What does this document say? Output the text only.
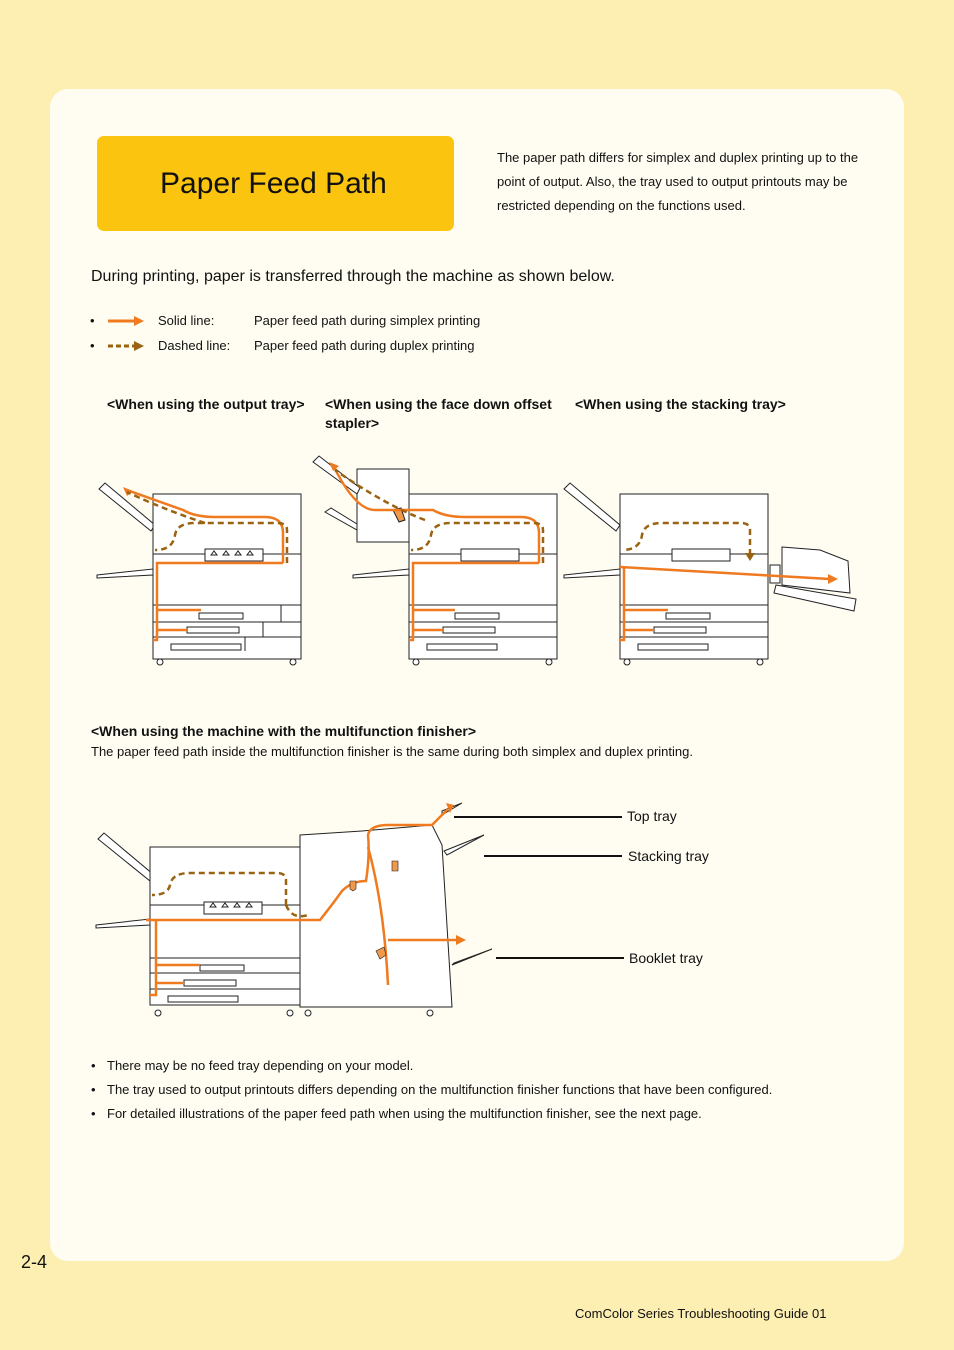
Paper Feed Path
The paper path differs for simplex and duplex printing up to the point of output. Also, the tray used to output printouts may be restricted depending on the functions used.
During printing, paper is transferred through the machine as shown below.
•	Solid line:	Paper feed path during simplex printing
•	Dashed line: Paper feed path during duplex printing
<When using the output tray> <When using the face down offset stapler>
<When using the stacking tray>
<When using the machine with the multifunction finisher>
The paper feed path inside the multifunction finisher is the same during both simplex and duplex printing.
Top tray
Stacking tray
Booklet tray
• There may be no feed tray depending on your model.
• The tray used to output printouts differs depending on the multifunction finisher functions that have been configured.
• For detailed illustrations of the paper feed path when using the multifunction finisher, see the next page.
2-4
ComColor Series Troubleshooting Guide 01
